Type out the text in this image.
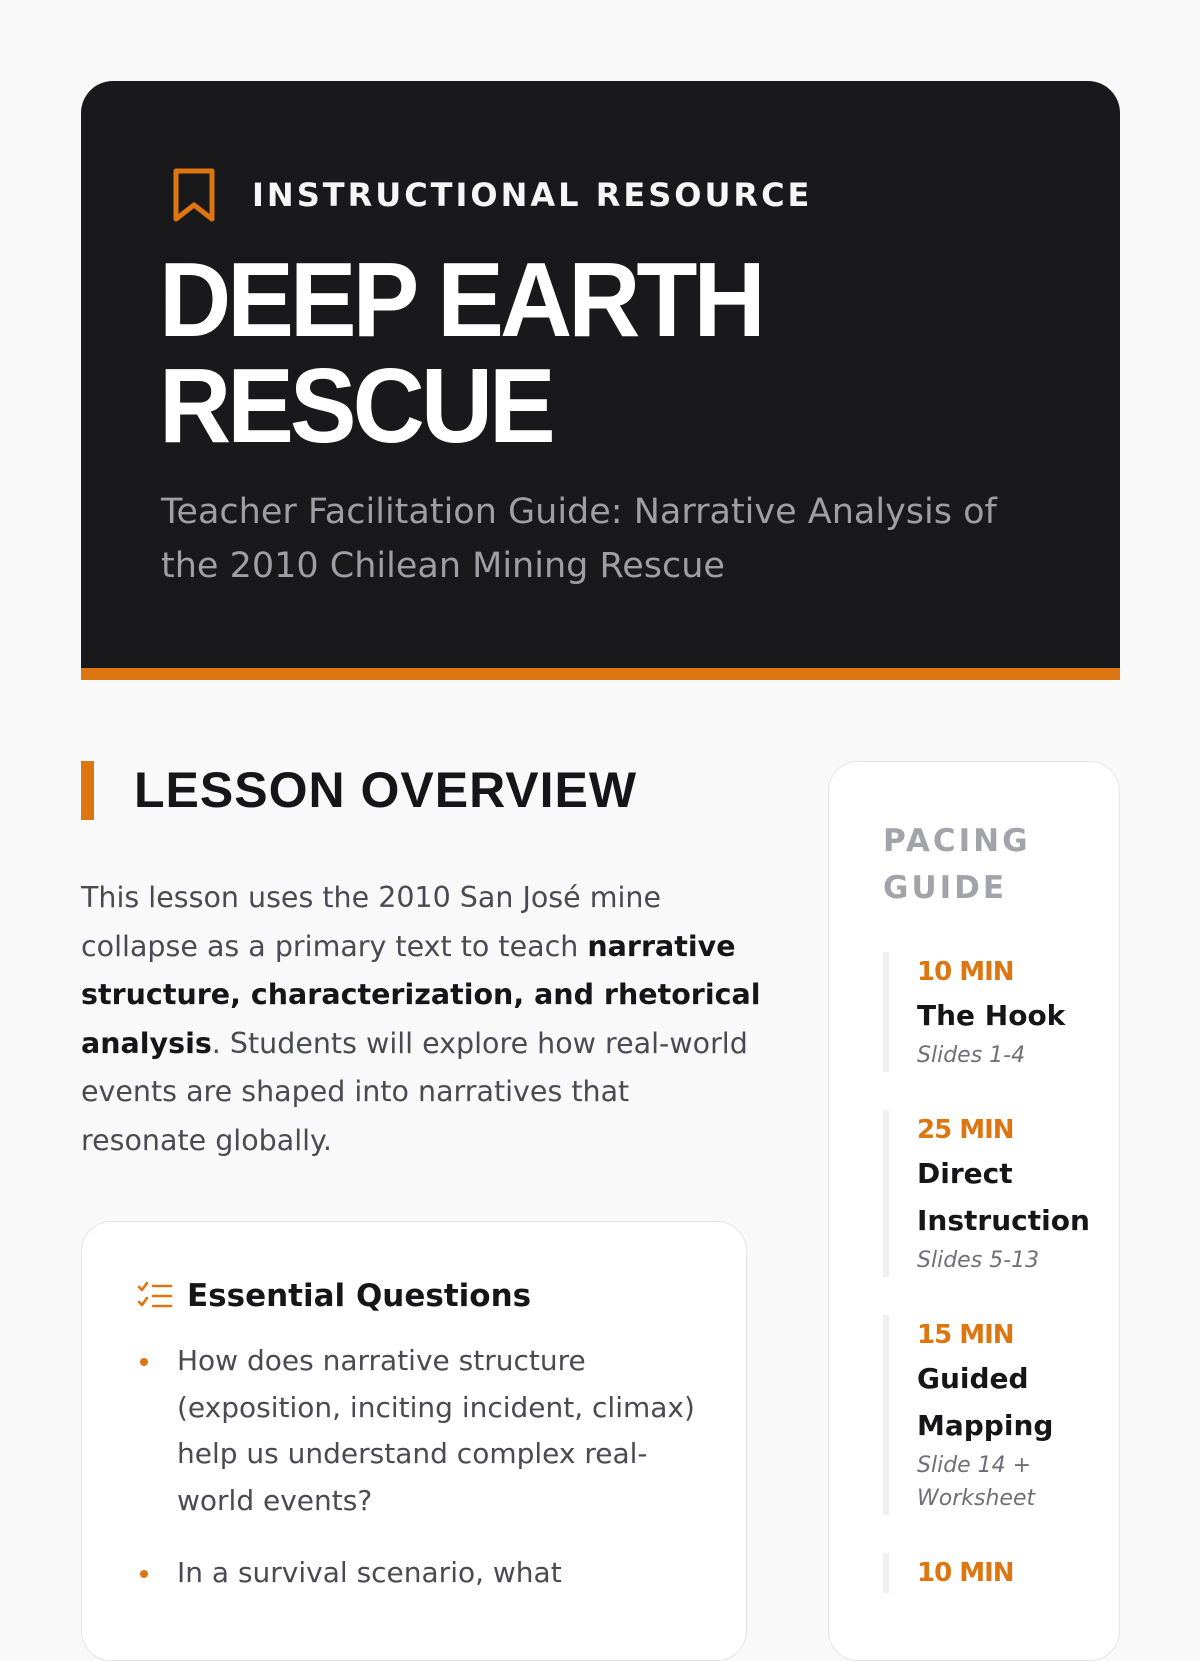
INSTRUCTIONAL RESOURCE
DEEP EARTH
RESCUE

Teacher Facilitation Guide: Narrative Analysis of the 2010 Chilean Mining Rescue

LESSON OVERVIEW

This lesson uses the 2010 San José mine collapse as a primary text to teach narrative structure, characterization, and rhetorical analysis. Students will explore how real-world events are shaped into narratives that resonate globally.

Essential Questions
How does narrative structure (exposition, inciting incident, climax) help us understand complex real-world events?
In a survival scenario, what
PACING GUIDE
10 MIN
The Hook
Slides 1-4
25 MIN
Direct Instruction
Slides 5-13
15 MIN
Guided Mapping
Slide 14 + Worksheet
10 MIN
